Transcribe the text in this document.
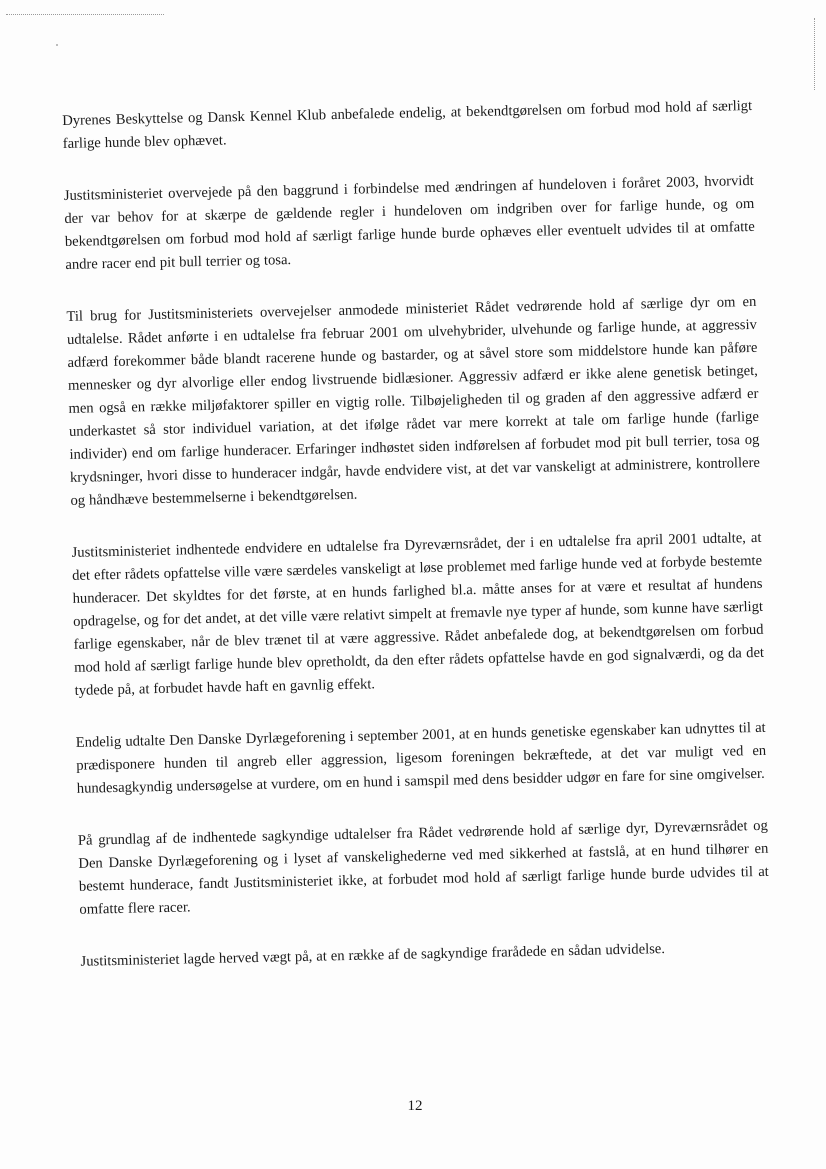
Dyrenes Beskyttelse og Dansk Kennel Klub anbefalede endelig, at bekendtgørelsen om forbud mod hold af særligt farlige hunde blev ophævet.

Justitsministeriet overvejede på den baggrund i forbindelse med ændringen af hundeloven i foråret 2003, hvorvidt der var behov for at skærpe de gældende regler i hundeloven om indgriben over for farlige hunde, og om bekendtgørelsen om forbud mod hold af særligt farlige hunde burde ophæves eller eventuelt udvides til at omfatte andre racer end pit bull terrier og tosa.

Til brug for Justitsministeriets overvejelser anmodede ministeriet Rådet vedrørende hold af særlige dyr om en udtalelse. Rådet anførte i en udtalelse fra februar 2001 om ulvehybrider, ulvehunde og farlige hunde, at aggressiv adfærd forekommer både blandt racerene hunde og bastarder, og at såvel store som middelstore hunde kan påføre mennesker og dyr alvorlige eller endog livstruende bidlæsioner. Aggressiv adfærd er ikke alene genetisk betinget, men også en række miljøfaktorer spiller en vigtig rolle. Tilbøjeligheden til og graden af den aggressive adfærd er underkastet så stor individuel variation, at det ifølge rådet var mere korrekt at tale om farlige hunde (farlige individer) end om farlige hunderacer. Erfaringer indhøstet siden indførelsen af forbudet mod pit bull terrier, tosa og krydsninger, hvori disse to hunderacer indgår, havde endvidere vist, at det var vanskeligt at administrere, kontrollere og håndhæve bestemmelserne i bekendtgørelsen.

Justitsministeriet indhentede endvidere en udtalelse fra Dyreværnsrådet, der i en udtalelse fra april 2001 udtalte, at det efter rådets opfattelse ville være særdeles vanskeligt at løse problemet med farlige hunde ved at forbyde bestemte hunderacer. Det skyldtes for det første, at en hunds farlighed bl.a. måtte anses for at være et resultat af hundens opdragelse, og for det andet, at det ville være relativt simpelt at fremavle nye typer af hunde, som kunne have særligt farlige egenskaber, når de blev trænet til at være aggressive. Rådet anbefalede dog, at bekendtgørelsen om forbud mod hold af særligt farlige hunde blev opretholdt, da den efter rådets opfattelse havde en god signalværdi, og da det tydede på, at forbudet havde haft en gavnlig effekt.

Endelig udtalte Den Danske Dyrlægeforening i september 2001, at en hunds genetiske egenskaber kan udnyttes til at prædisponere hunden til angreb eller aggression, ligesom foreningen bekræftede, at det var muligt ved en hundesagkyndig undersøgelse at vurdere, om en hund i samspil med dens besidder udgør en fare for sine omgivelser.

På grundlag af de indhentede sagkyndige udtalelser fra Rådet vedrørende hold af særlige dyr, Dyreværnsrådet og Den Danske Dyrlægeforening og i lyset af vanskelighederne ved med sikkerhed at fastslå, at en hund tilhører en bestemt hunderace, fandt Justitsministeriet ikke, at forbudet mod hold af særligt farlige hunde burde udvides til at omfatte flere racer.

Justitsministeriet lagde herved vægt på, at en række af de sagkyndige frarådede en sådan udvidelse.

12
